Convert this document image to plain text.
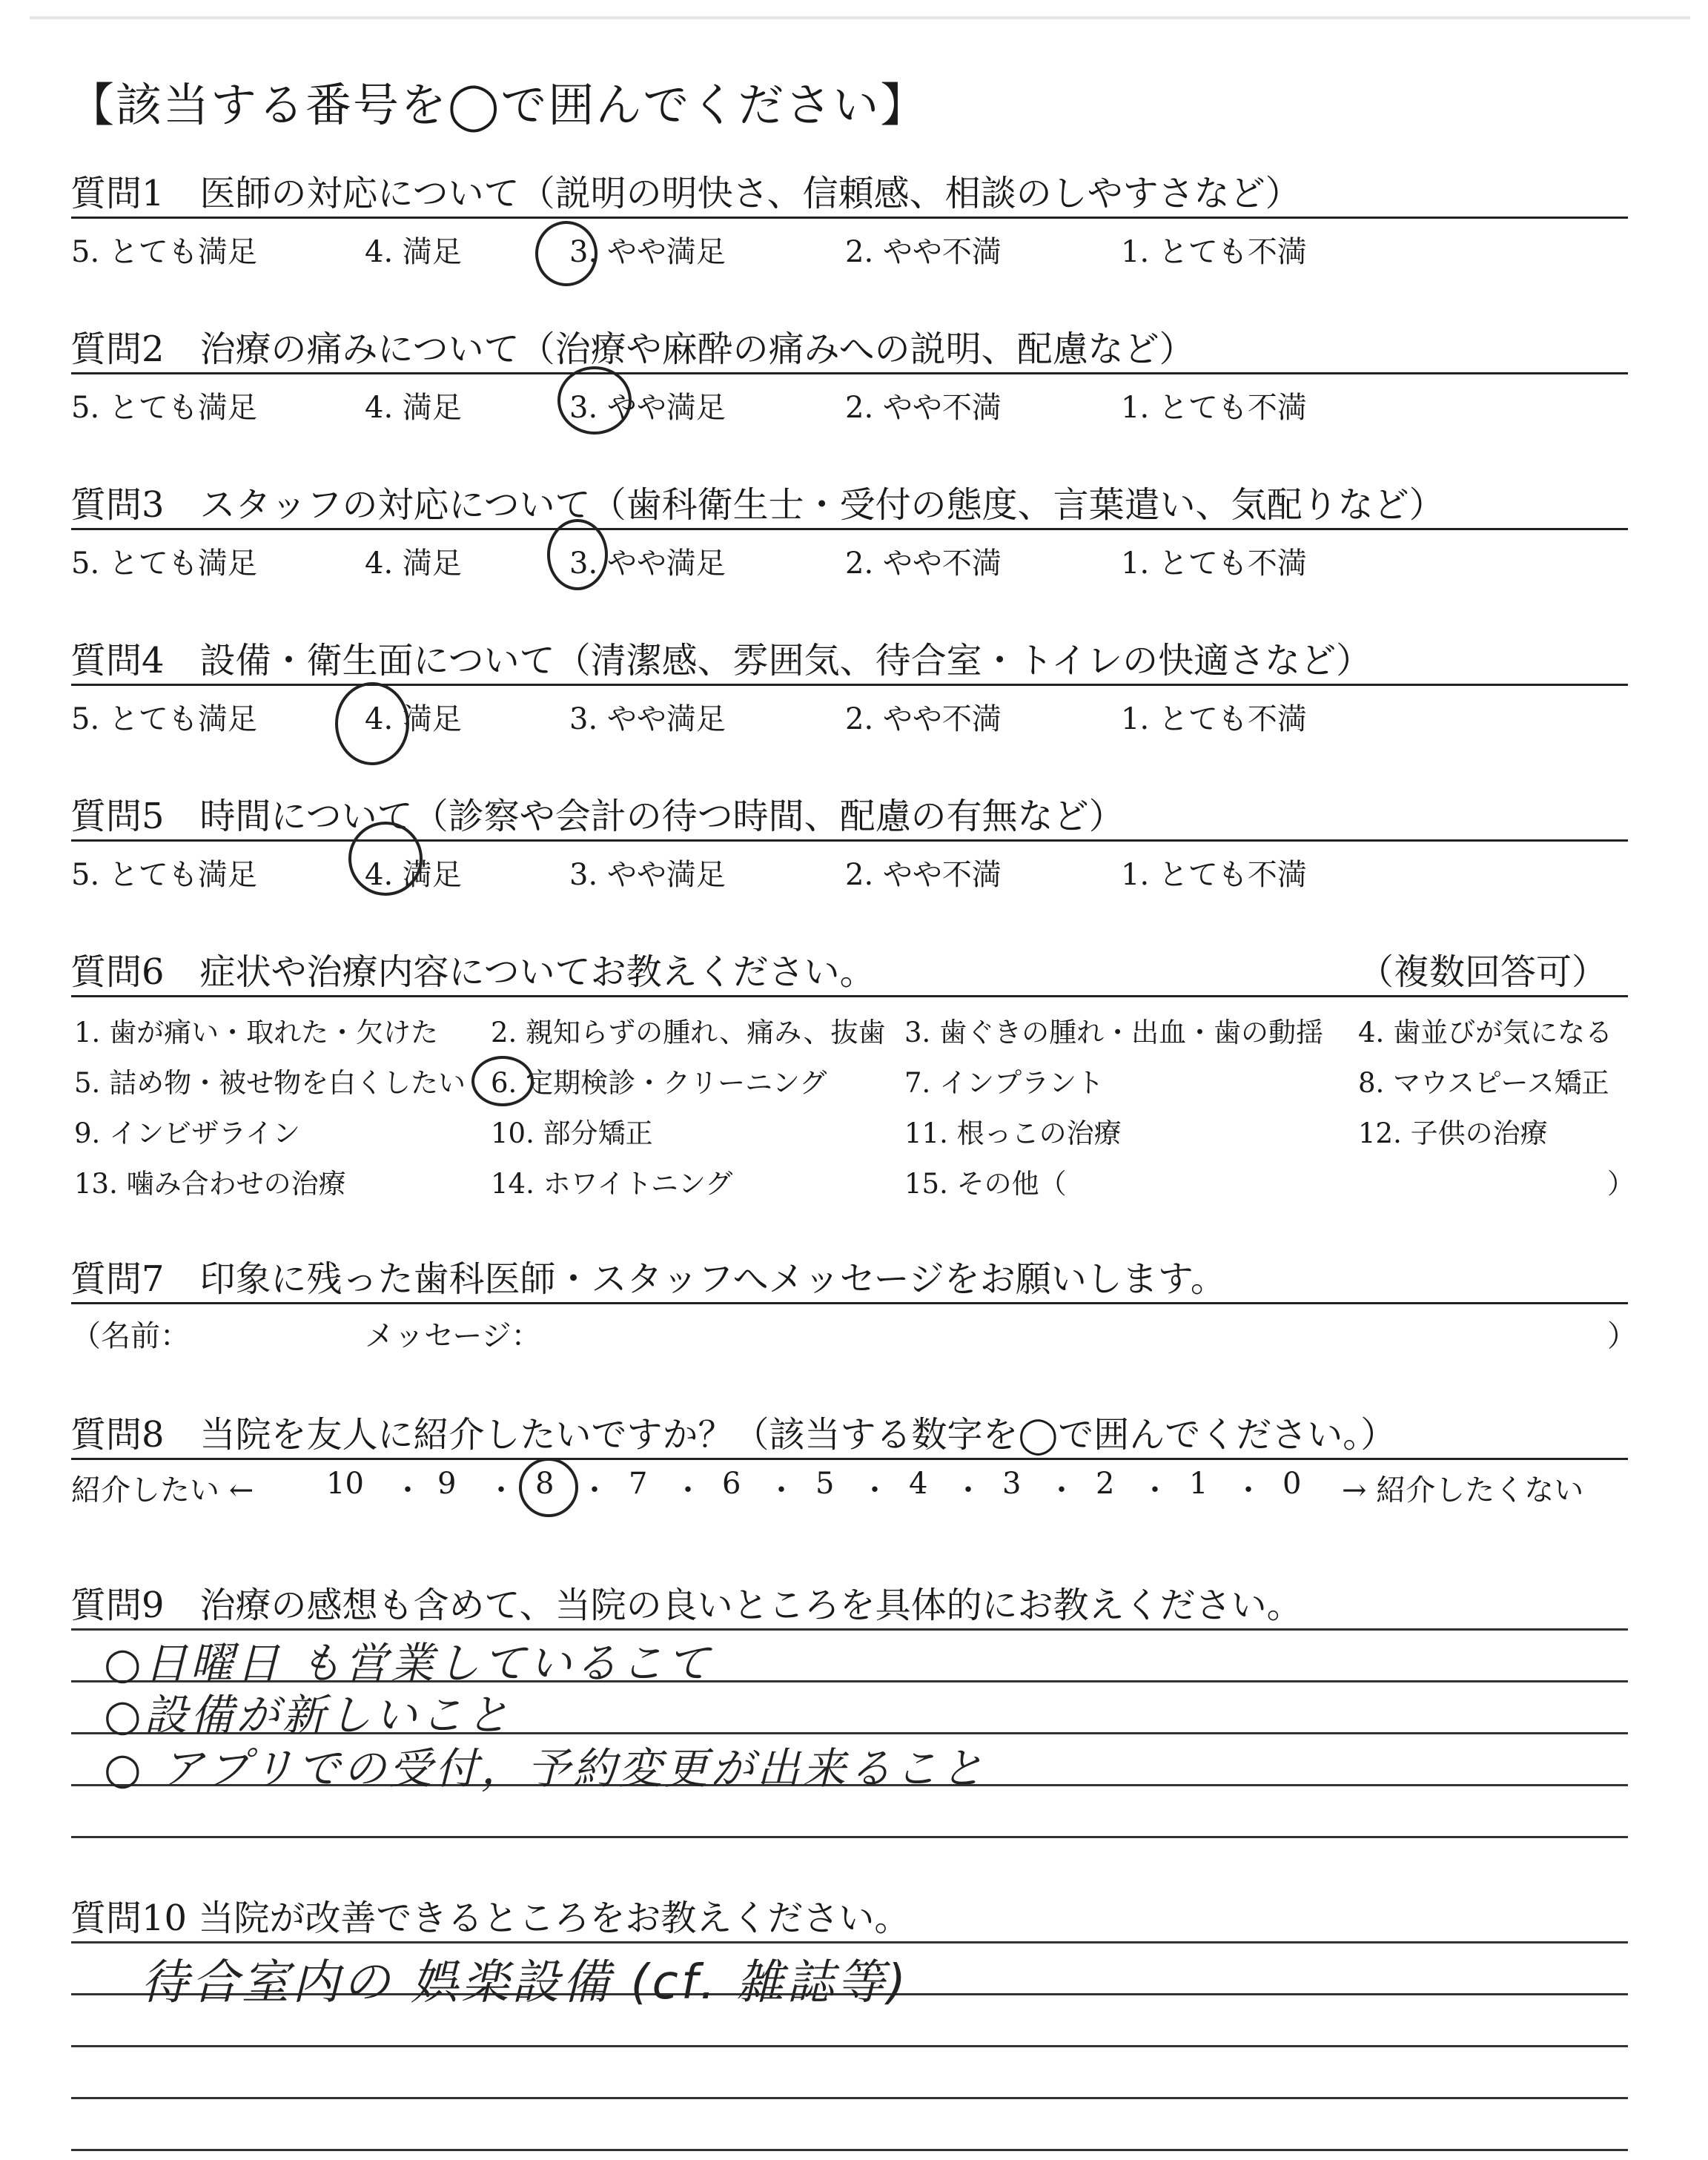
【該当する番号を◯で囲んでください】
質問1　医師の対応について（説明の明快さ、信頼感、相談のしやすさなど）
5. とても満足	4. 満足	3. やや満足	2. やや不満	1. とても不満
質問2　治療の痛みについて（治療や麻酔の痛みへの説明、配慮など）
5. とても満足	4. 満足	3. やや満足	2. やや不満	1. とても不満
質問3　スタッフの対応について（歯科衛生士・受付の態度、言葉遣い、気配りなど）
5. とても満足	4. 満足	3. やや満足	2. やや不満	1. とても不満
質問4　設備・衛生面について（清潔感、雰囲気、待合室・トイレの快適さなど）
5. とても満足	4. 満足	3. やや満足	2. やや不満	1. とても不満
質問5　時間について（診察や会計の待つ時間、配慮の有無など）
5. とても満足	4. 満足	3. やや満足	2. やや不満	1. とても不満
質問6　症状や治療内容についてお教えください。	（複数回答可）
1. 歯が痛い・取れた・欠けた 2. 親知らずの腫れ、痛み、抜歯 3. 歯ぐきの腫れ・出血・歯の動揺 4. 歯並びが気になる
5. 詰め物・被せ物を白くしたい 6. 定期検診・クリーニング	7. インプラント	8. マウスピース矯正
9. インビザライン	10. 部分矯正	11. 根っこの治療	12. 子供の治療
13. 噛み合わせの治療	14. ホワイトニング	15. その他（	）
質問7　印象に残った歯科医師・スタッフへメッセージをお願いします。
（名前：	メッセージ：	）
質問8　当院を友人に紹介したいですか？（該当する数字を◯で囲んでください。）
紹介したい ← 10 ・ 9 ・ 8 ・ 7 ・ 6 ・ 5 ・ 4 ・ 3 ・ 2 ・ 1 ・ 0 → 紹介したくない
質問9　治療の感想も含めて、当院の良いところを具体的にお教えください。
○日曜日 も営業しているこて
○設備が新しいこと
○ アプリでの受付，予約変更が出来ること
質問10 当院が改善できるところをお教えください。
待合室内の 娯楽設備 (cf. 雑誌等)
